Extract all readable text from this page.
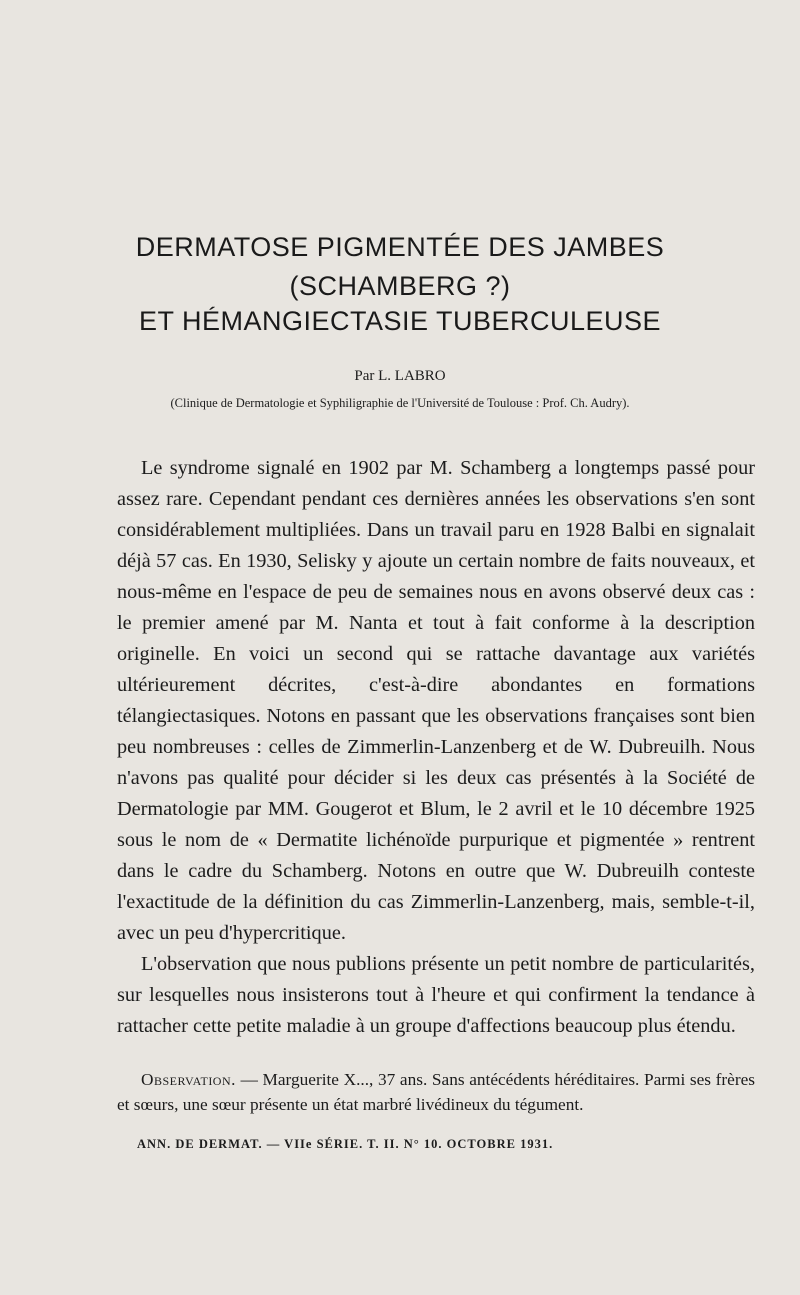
DERMATOSE PIGMENTÉE DES JAMBES
(SCHAMBERG ?)
ET HÉMANGIECTASIE TUBERCULEUSE
Par L. LABRO
(Clinique de Dermatologie et Syphiligraphie de l'Université de Toulouse : Prof. Ch. Audry).

Le syndrome signalé en 1902 par M. Schamberg a longtemps passé pour assez rare. Cependant pendant ces dernières années les observations s'en sont considérablement multipliées. Dans un travail paru en 1928 Balbi en signalait déjà 57 cas. En 1930, Selisky y ajoute un certain nombre de faits nouveaux, et nous-même en l'espace de peu de semaines nous en avons observé deux cas : le premier amené par M. Nanta et tout à fait conforme à la description originelle. En voici un second qui se rattache davantage aux variétés ultérieurement décrites, c'est-à-dire abondantes en formations télangiectasiques. Notons en passant que les observations françaises sont bien peu nombreuses : celles de Zimmerlin-Lanzenberg et de W. Dubreuilh. Nous n'avons pas qualité pour décider si les deux cas présentés à la Société de Dermatologie par MM. Gougerot et Blum, le 2 avril et le 10 décembre 1925 sous le nom de « Dermatite lichénoïde purpurique et pigmentée » rentrent dans le cadre du Schamberg. Notons en outre que W. Dubreuilh conteste l'exactitude de la définition du cas Zimmerlin-Lanzenberg, mais, semble-t-il, avec un peu d'hypercritique.

L'observation que nous publions présente un petit nombre de particularités, sur lesquelles nous insisterons tout à l'heure et qui confirment la tendance à rattacher cette petite maladie à un groupe d'affections beaucoup plus étendu.

Observation. — Marguerite X..., 37 ans. Sans antécédents héréditaires. Parmi ses frères et sœurs, une sœur présente un état marbré livédineux du tégument.
ANN. DE DERMAT. — VIIe SÉRIE. T. II. N° 10. OCTOBRE 1931.
